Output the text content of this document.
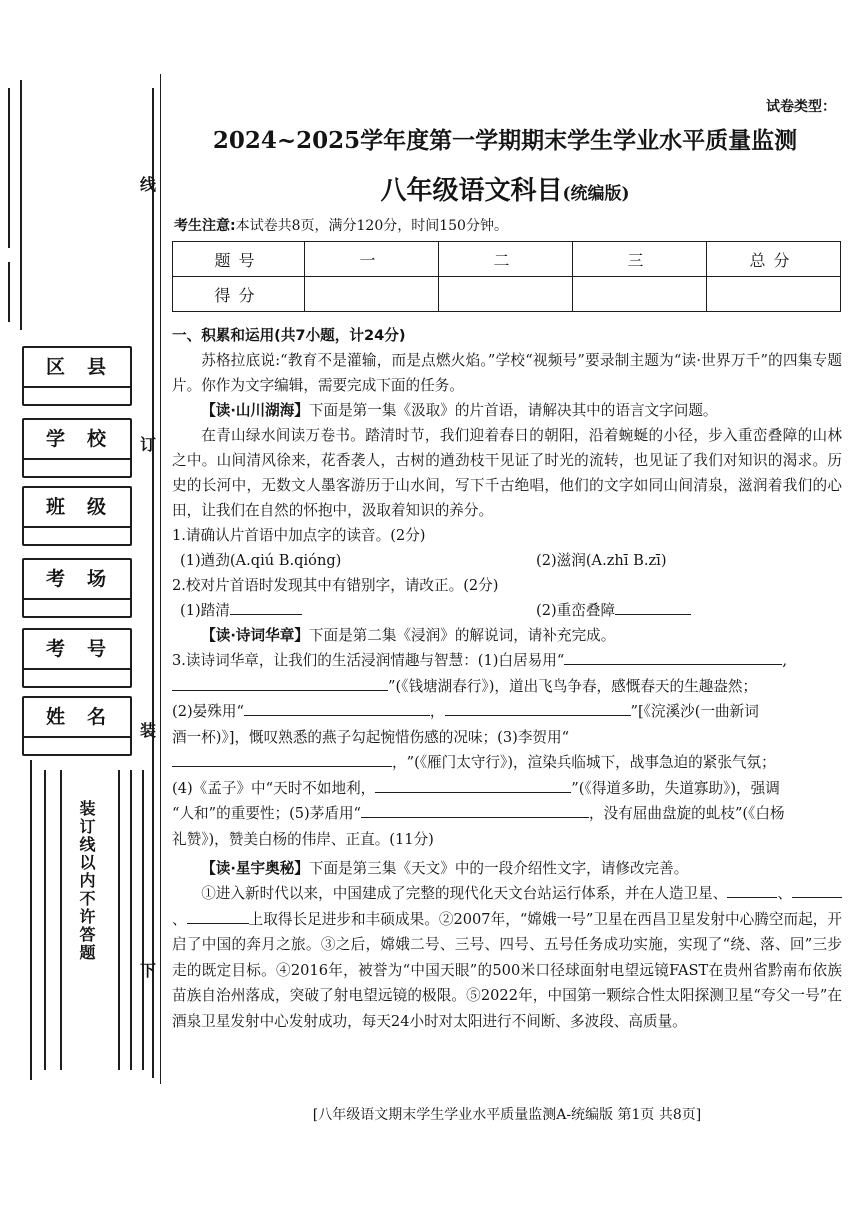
线
订
装
下
区县
学校
班级
考场
考号
姓名
装订线以内不许答题
试卷类型：
2024~2025学年度第一学期期末学生学业水平质量监测
八年级语文科目(统编版)
考生注意:本试卷共8页，满分120分，时间150分钟。
题号	一	二	三	总分
得分				
一、积累和运用(共7小题，计24分)
苏格拉底说:“教育不是灌输，而是点燃火焰。”学校“视频号”要录制主题为“读·世界万千”的四集专题片。你作为文字编辑，需要完成下面的任务。
【读·山川湖海】下面是第一集《汲取》的片首语，请解决其中的语言文字问题。
在青山绿水间读万卷书。踏清时节，我们迎着春日的朝阳，沿着蜿蜒的小径，步入重峦叠障的山林之中。山间清风徐来，花香袭人，古树的遒劲枝干见证了时光的流转，也见证了我们对知识的渴求。历史的长河中，无数文人墨客游历于山水间，写下千古绝唱，他们的文字如同山间清泉，滋润着我们的心田，让我们在自然的怀抱中，汲取着知识的养分。
1.请确认片首语中加点字的读音。(2分)
(1)遒劲(A.qiú B.qióng)	(2)滋润(A.zhī B.zī)
2.校对片首语时发现其中有错别字，请改正。(2分)
(1)踏清	(2)重峦叠障
【读·诗词华章】下面是第二集《浸润》的解说词，请补充完成。
3.读诗词华章，让我们的生活浸润情趣与智慧：(1)白居易用“	,
”(《钱塘湖春行》)，道出飞鸟争春，感慨春天的生趣盎然；
(2)晏殊用“	，	”[《浣溪沙(一曲新词
酒一杯)》]，慨叹熟悉的燕子勾起惋惜伤感的况味；(3)李贺用“
，”(《雁门太守行》)，渲染兵临城下，战事急迫的紧张气氛；
(4)《孟子》中“天时不如地利，	”(《得道多助，失道寡助》)，强调
“人和”的重要性；(5)茅盾用“	，没有屈曲盘旋的虬枝”(《白杨
礼赞》)，赞美白杨的伟岸、正直。(11分)
【读·星宇奥秘】下面是第三集《天文》中的一段介绍性文字，请修改完善。
①进入新时代以来，中国建成了完整的现代化天文台站运行体系，并在人造卫星、	、、	上取得长足进步和丰硕成果。②2007年，“嫦娥一号”卫星在西昌卫星发射中心腾空而起，开启了中国的奔月之旅。③之后，嫦娥二号、三号、四号、五号任务成功实施，实现了“绕、落、回”三步走的既定目标。④2016年，被誉为“中国天眼”的500米口径球面射电望远镜FAST在贵州省黔南布依族苗族自治州落成，突破了射电望远镜的极限。⑤2022年，中国第一颗综合性太阳探测卫星“夸父一号”在酒泉卫星发射中心发射成功，每天24小时对太阳进行不间断、多波段、高质量。
[八年级语文期末学生学业水平质量监测A-统编版 第1页 共8页]
